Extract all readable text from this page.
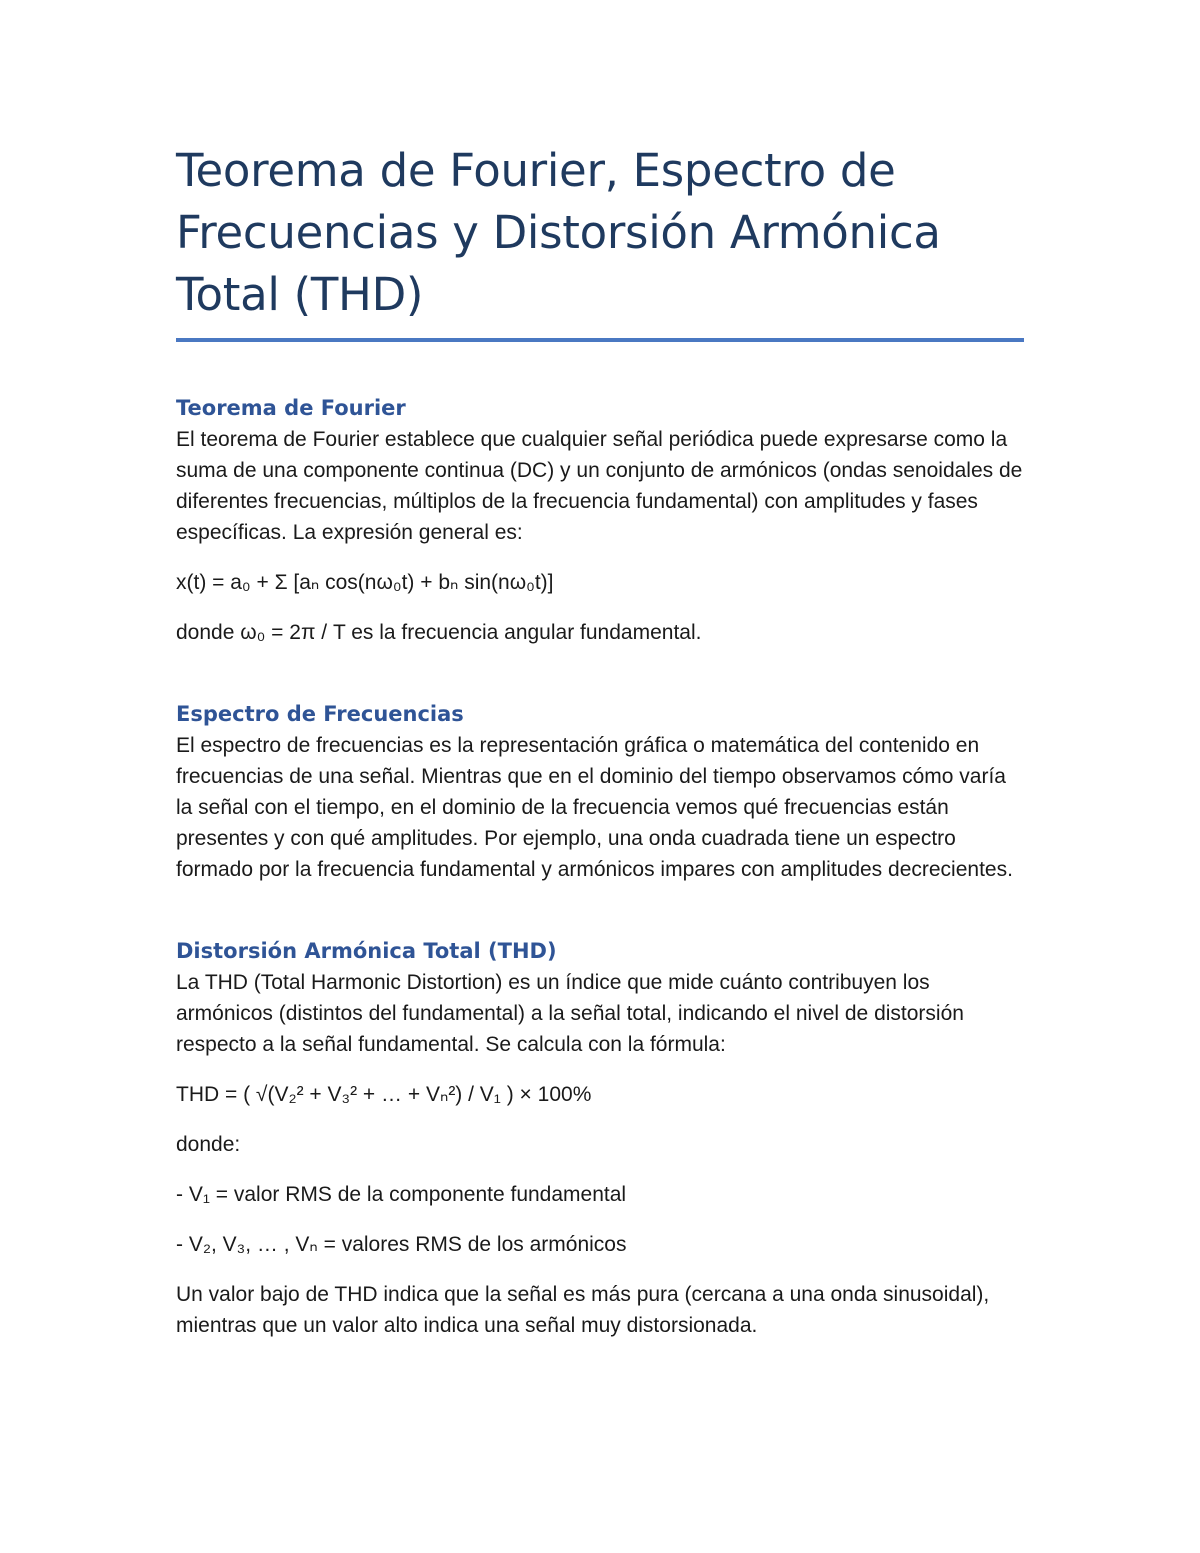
Teorema de Fourier, Espectro de Frecuencias y Distorsión Armónica Total (THD)
Teorema de Fourier

El teorema de Fourier establece que cualquier señal periódica puede expresarse como la suma de una componente continua (DC) y un conjunto de armónicos (ondas senoidales de diferentes frecuencias, múltiplos de la frecuencia fundamental) con amplitudes y fases específicas. La expresión general es:

x(t) = a₀ + Σ [aₙ cos(nω₀t) + bₙ sin(nω₀t)]

donde ω₀ = 2π / T es la frecuencia angular fundamental.

Espectro de Frecuencias

El espectro de frecuencias es la representación gráfica o matemática del contenido en frecuencias de una señal. Mientras que en el dominio del tiempo observamos cómo varía la señal con el tiempo, en el dominio de la frecuencia vemos qué frecuencias están presentes y con qué amplitudes. Por ejemplo, una onda cuadrada tiene un espectro formado por la frecuencia fundamental y armónicos impares con amplitudes decrecientes.

Distorsión Armónica Total (THD)

La THD (Total Harmonic Distortion) es un índice que mide cuánto contribuyen los armónicos (distintos del fundamental) a la señal total, indicando el nivel de distorsión respecto a la señal fundamental. Se calcula con la fórmula:

THD = ( √(V₂² + V₃² + … + Vₙ²) / V₁ ) × 100%

donde:

- V₁ = valor RMS de la componente fundamental

- V₂, V₃, … , Vₙ = valores RMS de los armónicos

Un valor bajo de THD indica que la señal es más pura (cercana a una onda sinusoidal), mientras que un valor alto indica una señal muy distorsionada.
